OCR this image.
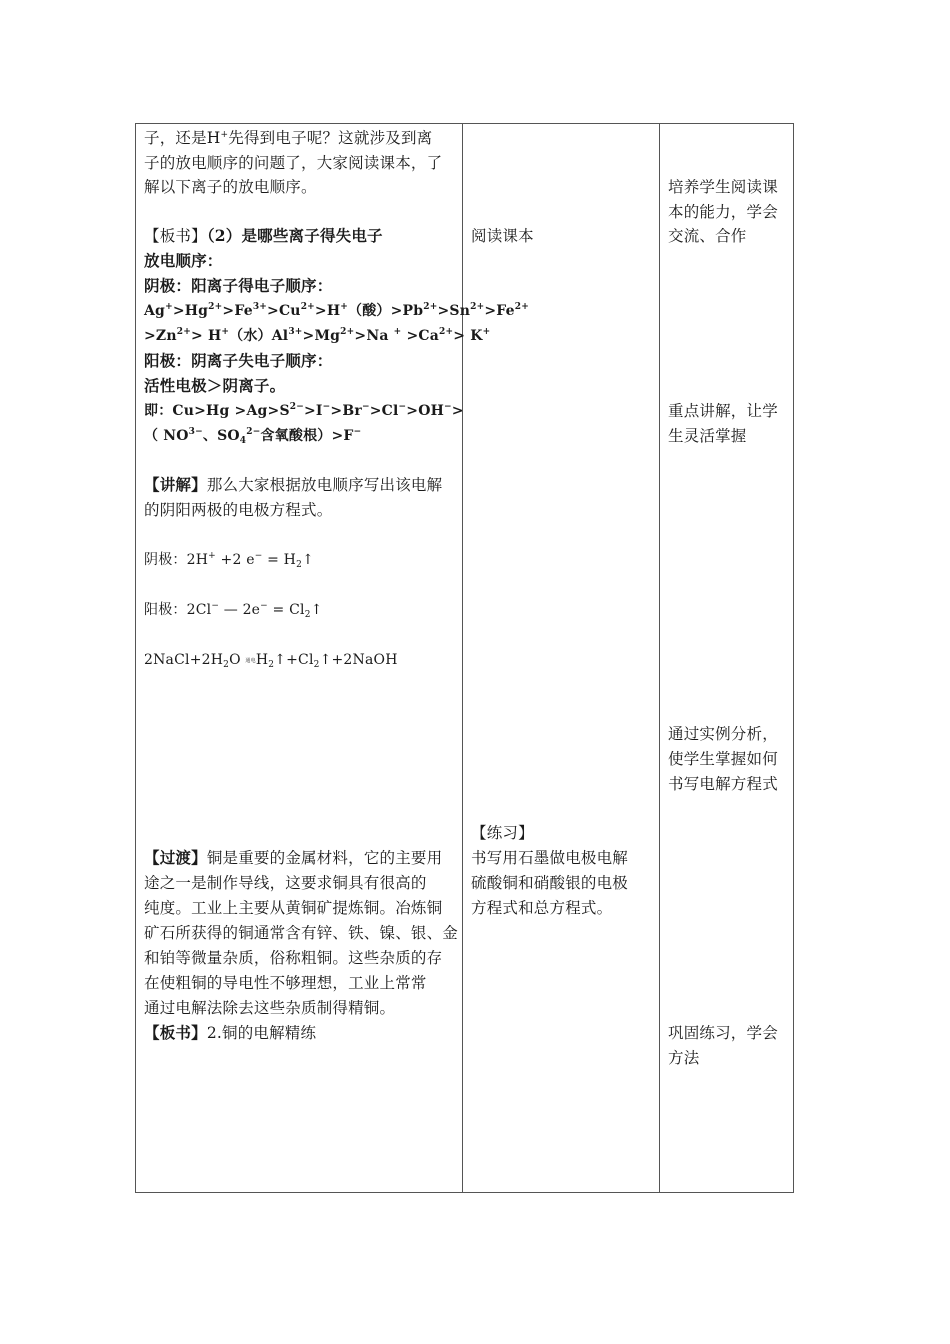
子，还是H+先得到电子呢？这就涉及到离
子的放电顺序的问题了，大家阅读课本，了
解以下离子的放电顺序。
【板书】（2）是哪些离子得失电子
放电顺序：
阴极：阳离子得电子顺序：
$Ag^+>Hg^{2+}>Fe^{3+}>Cu^{2+}>H^+$（酸）$>Pb^{2+}>Sn^{2+}>Fe^{2+}$
$>Zn^{2+}> H^+$（水）$Al^{3+}>Mg^{2+}>Na$ $^+ >Ca^{2+}> K^+$
阳极：阴离子失电子顺序：
活性电极＞阴离子。
即：$Cu>Hg >Ag>S^{2-}>I^->Br^->Cl^->OH^->$
（ $NO^{3-}$、$SO_4^{2-}$含氧酸根）>F−
【讲解】那么大家根据放电顺序写出该电解
的阴阳两极的电极方程式。
阴极：2H+ +2 $e^- = H_2↑$
阳极：2Cl− — $2e^- = Cl_2↑$
$2NaCl+2H_2O$ 通电$H_2↑+Cl_2↑+2NaOH$
【过渡】铜是重要的金属材料，它的主要用
途之一是制作导线，这要求铜具有很高的
纯度。工业上主要从黄铜矿提炼铜。冶炼铜
矿石所获得的铜通常含有锌、铁、镍、银、金
和铂等微量杂质，俗称粗铜。这些杂质的存
在使粗铜的导电性不够理想，工业上常常
通过电解法除去这些杂质制得精铜。
【板书】2.铜的电解精练
阅读课本
【练习】
书写用石墨做电极电解
硫酸铜和硝酸银的电极
方程式和总方程式。
培养学生阅读课
本的能力，学会
交流、合作
重点讲解，让学
生灵活掌握
通过实例分析，
使学生掌握如何
书写电解方程式
巩固练习，学会
方法
